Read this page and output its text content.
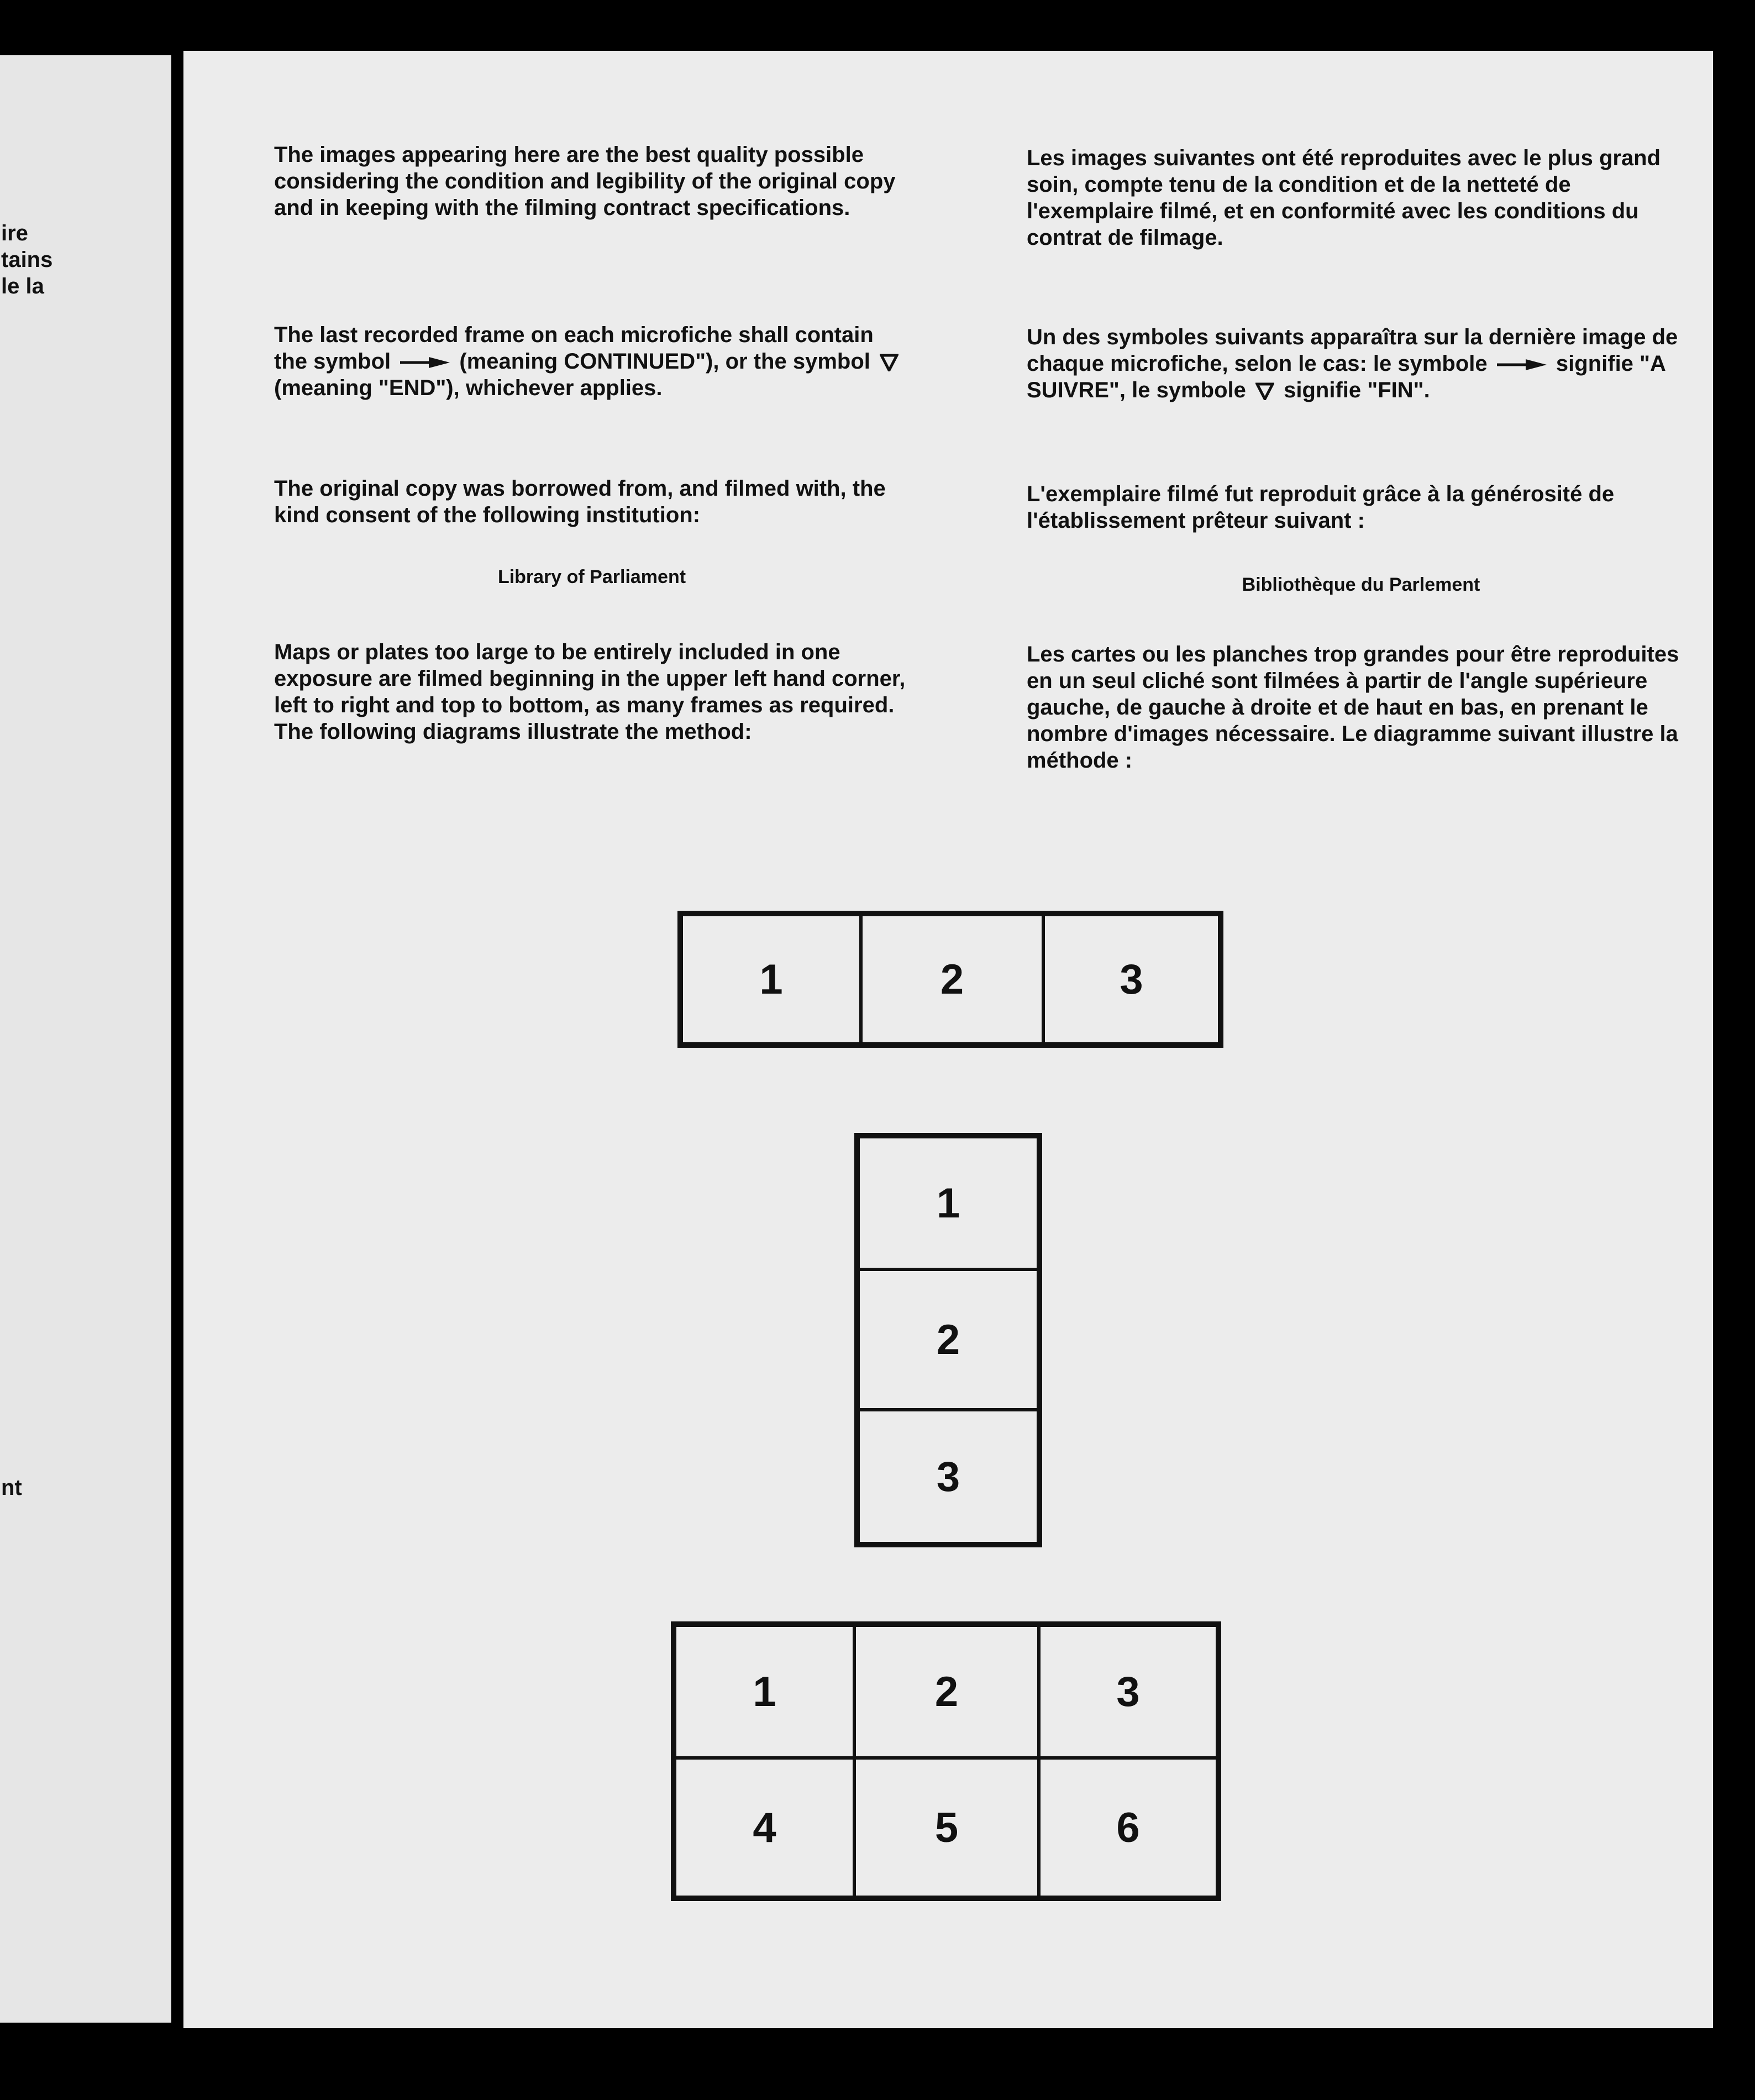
ire
tains
le la
nt

The images appearing here are the best quality possible considering the condition and legibility of the original copy and in keeping with the filming contract specifications.

The last recorded frame on each microfiche shall contain the symbol	(meaning CONTINUED"), or the symbol  (meaning "END"), whichever applies.

The original copy was borrowed from, and filmed with, the kind consent of the following institution:

Library of Parliament

Maps or plates too large to be entirely included in one exposure are filmed beginning in the upper left hand corner, left to right and top to bottom, as many frames as required. The following diagrams illustrate the method:

Les images suivantes ont été reproduites avec le plus grand soin, compte tenu de la condition et de la netteté de l'exemplaire filmé, et en conformité avec les conditions du contrat de filmage.

Un des symboles suivants apparaîtra sur la dernière image de chaque microfiche, selon le cas: le symbole	signifie "A SUIVRE", le symbole signifie "FIN".

L'exemplaire filmé fut reproduit grâce à la générosité de l'établissement prêteur suivant :

Bibliothèque du Parlement

Les cartes ou les planches trop grandes pour être reproduites en un seul cliché sont filmées à partir de l'angle supérieure gauche, de gauche à droite et de haut en bas, en prenant le nombre d'images nécessaire. Le diagramme suivant illustre la méthode :

1	2	3
1
2
3
1	2	3
4	5	6
